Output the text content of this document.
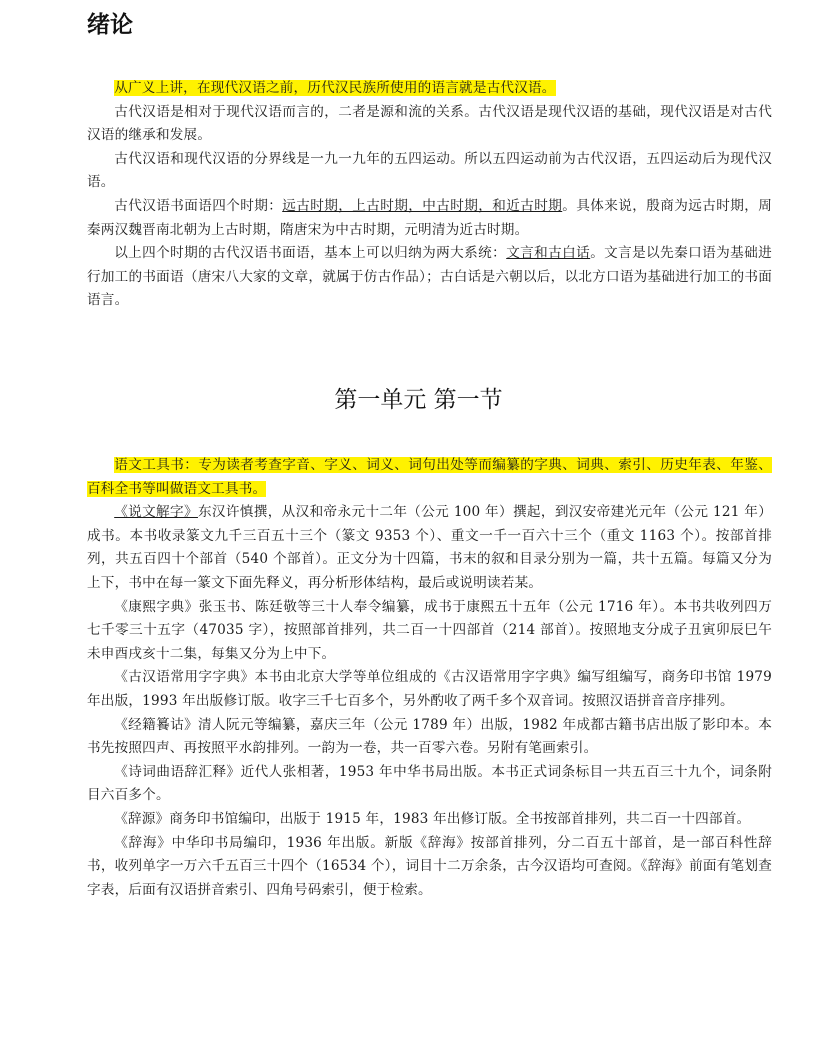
绪论

从广义上讲，在现代汉语之前，历代汉民族所使用的语言就是古代汉语。

古代汉语是相对于现代汉语而言的，二者是源和流的关系。古代汉语是现代汉语的基础，现代汉语是对古代汉语的继承和发展。

古代汉语和现代汉语的分界线是一九一九年的五四运动。所以五四运动前为古代汉语，五四运动后为现代汉语。

古代汉语书面语四个时期：远古时期，上古时期，中古时期，和近古时期。具体来说，殷商为远古时期，周秦两汉魏晋南北朝为上古时期，隋唐宋为中古时期，元明清为近古时期。

以上四个时期的古代汉语书面语，基本上可以归纳为两大系统：文言和古白话。文言是以先秦口语为基础进行加工的书面语（唐宋八大家的文章，就属于仿古作品）；古白话是六朝以后，以北方口语为基础进行加工的书面语言。

第一单元 第一节

语文工具书：专为读者考查字音、字义、词义、词句出处等而编纂的字典、词典、索引、历史年表、年鉴、百科全书等叫做语文工具书。

《说文解字》东汉许慎撰，从汉和帝永元十二年（公元 100 年）撰起，到汉安帝建光元年（公元 121 年）成书。本书收录篆文九千三百五十三个（篆文 9353 个）、重文一千一百六十三个（重文 1163 个）。按部首排列，共五百四十个部首（540 个部首）。正文分为十四篇，书末的叙和目录分别为一篇，共十五篇。每篇又分为上下，书中在每一篆文下面先释义，再分析形体结构，最后或说明读若某。

《康熙字典》张玉书、陈廷敬等三十人奉令编纂，成书于康熙五十五年（公元 1716 年）。本书共收列四万七千零三十五字（47035 字），按照部首排列，共二百一十四部首（214 部首）。按照地支分成子丑寅卯辰巳午未申酉戌亥十二集，每集又分为上中下。

《古汉语常用字字典》本书由北京大学等单位组成的《古汉语常用字字典》编写组编写，商务印书馆 1979 年出版，1993 年出版修订版。收字三千七百多个，另外酌收了两千多个双音词。按照汉语拼音音序排列。

《经籍籑诂》清人阮元等编纂，嘉庆三年（公元 1789 年）出版，1982 年成都古籍书店出版了影印本。本书先按照四声、再按照平水韵排列。一韵为一卷，共一百零六卷。另附有笔画索引。

《诗词曲语辞汇释》近代人张相著，1953 年中华书局出版。本书正式词条标目一共五百三十九个，词条附目六百多个。

《辞源》商务印书馆编印，出版于 1915 年，1983 年出修订版。全书按部首排列，共二百一十四部首。

《辞海》中华印书局编印，1936 年出版。新版《辞海》按部首排列，分二百五十部首，是一部百科性辞书，收列单字一万六千五百三十四个（16534 个），词目十二万余条，古今汉语均可查阅。《辞海》前面有笔划查字表，后面有汉语拼音索引、四角号码索引，便于检索。
